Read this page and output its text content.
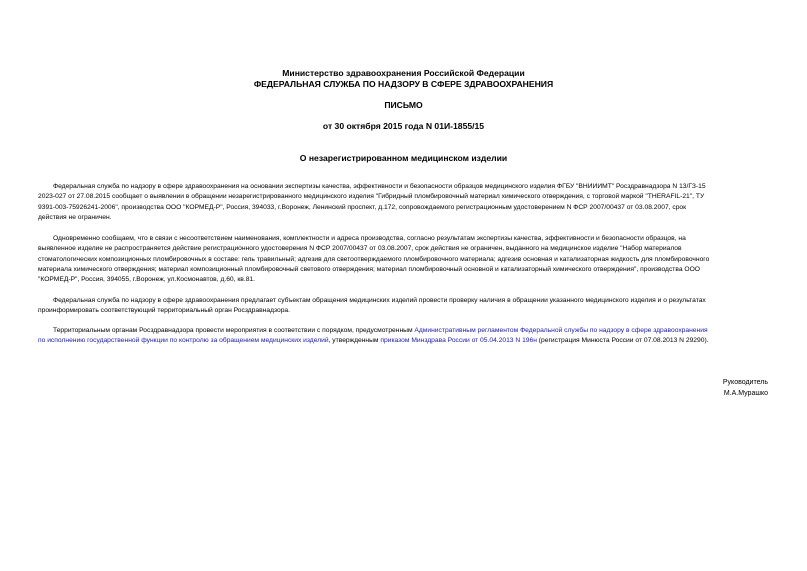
Министерство здравоохранения Российской Федерации
ФЕДЕРАЛЬНАЯ СЛУЖБА ПО НАДЗОРУ В СФЕРЕ ЗДРАВООХРАНЕНИЯ
ПИСЬМО
от 30 октября 2015 года N 01И-1855/15
О незарегистрированном медицинском изделии
Федеральная служба по надзору в сфере здравоохранения на основании экспертизы качества, эффективности и безопасности образцов медицинского изделия ФГБУ "ВНИИИМТ" Росздравнадзора N 13/ГЗ-15
2023-027 от 27.08.2015 сообщает о выявлении в обращении незарегистрированного медицинского изделия "Гибридный пломбировочный материал химического отверждения, с торговой маркой "THERAFIL-21", ТУ
9391-003-75926241-2006", производства ООО "КОРМЕД-Р", Россия, 394033, г.Воронеж, Ленинский проспект, д.172, сопровождаемого регистрационным удостоверением N ФСР 2007/00437 от 03.08.2007, срок
действия не ограничен.
Одновременно сообщаем, что в связи с несоответствием наименования, комплектности и адреса производства, согласно результатам экспертизы качества, эффективности и безопасности образцов, на
выявленное изделие не распространяется действие регистрационного удостоверения N ФСР 2007/00437 от 03.08.2007, срок действия не ограничен, выданного на медицинское изделие "Набор материалов
стоматологических композиционных пломбировочных в составе: гель травильный; адгезив для светоотверждаемого пломбировочного материала; адгезив основная и катализаторная жидкость для пломбировочного
материала химического отверждения; материал композиционный пломбировочный светового отверждения; материал пломбировочный основной и катализаторный химического отверждения", производства ООО
"КОРМЕД-Р", Россия, 394055, г.Воронеж, ул.Космонавтов, д.60, кв.81.
Федеральная служба по надзору в сфере здравоохранения предлагает субъектам обращения медицинских изделий провести проверку наличия в обращении указанного медицинского изделия и о результатах
проинформировать соответствующий территориальный орган Росздравнадзора.
Территориальным органам Росздравнадзора провести мероприятия в соответствии с порядком, предусмотренным Административным регламентом Федеральной службы по надзору в сфере здравоохранения
по исполнению государственной функции по контролю за обращением медицинских изделий, утвержденным приказом Минздрава России от 05.04.2013 N 196н (регистрация Минюста России от 07.08.2013 N 29290).
Руководитель
М.А.Мурашко
